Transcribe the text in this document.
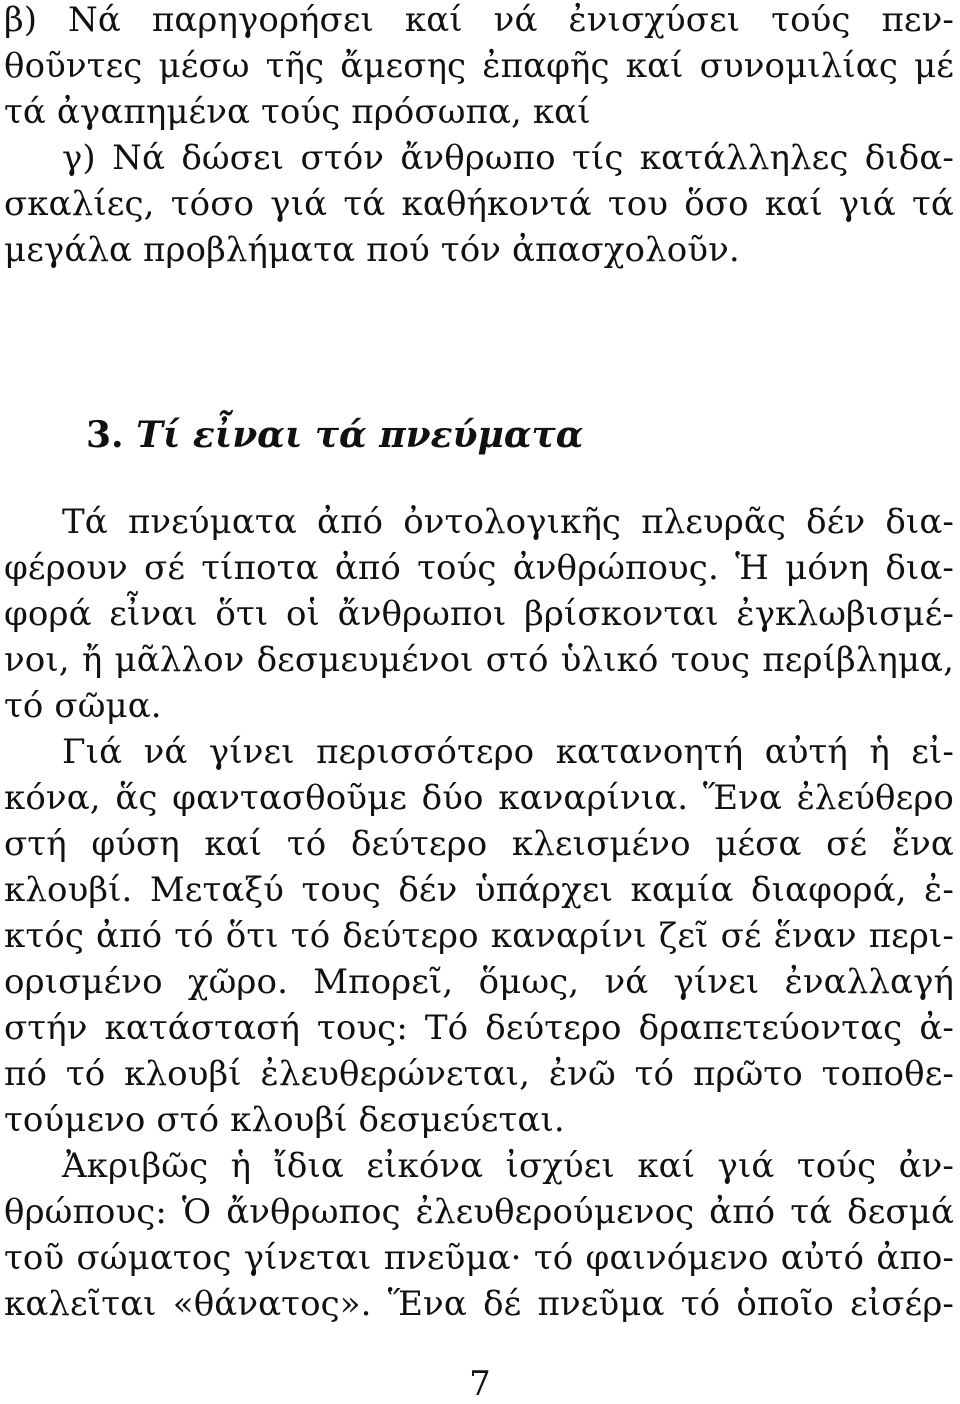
β) Νά παρηγορήσει καί νά ἐνισχύσει τούς πεν-
θοῦντες μέσω τῆς ἄμεσης ἐπαφῆς καί συνομιλίας μέ
τά ἀγαπημένα τούς πρόσωπα, καί
γ) Νά δώσει στόν ἄνθρωπο τίς κατάλληλες διδα-
σκαλίες, τόσο γιά τά καθήκοντά του ὅσο καί γιά τά
μεγάλα προβλήματα πού τόν ἀπασχολοῦν.
3. Τί εἶναι τά πνεύματα
Τά πνεύματα ἀπό ὀντολογικῆς πλευρᾶς δέν δια-
φέρουν σέ τίποτα ἀπό τούς ἀνθρώπους. Ἡ μόνη δια-
φορά εἶναι ὅτι οἱ ἄνθρωποι βρίσκονται ἐγκλωβισμέ-
νοι, ἤ μᾶλλον δεσμευμένοι στό ὑλικό τους περίβλημα,
τό σῶμα.
Γιά νά γίνει περισσότερο κατανοητή αὐτή ἡ εἰ-
κόνα, ἅς φαντασθοῦμε δύο καναρίνια. Ἕνα ἐλεύθερο
στή φύση καί τό δεύτερο κλεισμένο μέσα σέ ἕνα
κλουβί. Μεταξύ τους δέν ὑπάρχει καμία διαφορά, ἐ-
κτός ἀπό τό ὅτι τό δεύτερο καναρίνι ζεῖ σέ ἕναν περι-
ορισμένο χῶρο. Μπορεῖ, ὅμως, νά γίνει ἐναλλαγή
στήν κατάστασή τους: Τό δεύτερο δραπετεύοντας ἀ-
πό τό κλουβί ἐλευθερώνεται, ἐνῶ τό πρῶτο τοποθε-
τούμενο στό κλουβί δεσμεύεται.
Ἀκριβῶς ἡ ἴδια εἰκόνα ἰσχύει καί γιά τούς ἀν-
θρώπους: Ὁ ἄνθρωπος ἐλευθερούμενος ἀπό τά δεσμά
τοῦ σώματος γίνεται πνεῦμα· τό φαινόμενο αὐτό ἀπο-
καλεῖται «θάνατος». Ἕνα δέ πνεῦμα τό ὁποῖο εἰσέρ-
7
